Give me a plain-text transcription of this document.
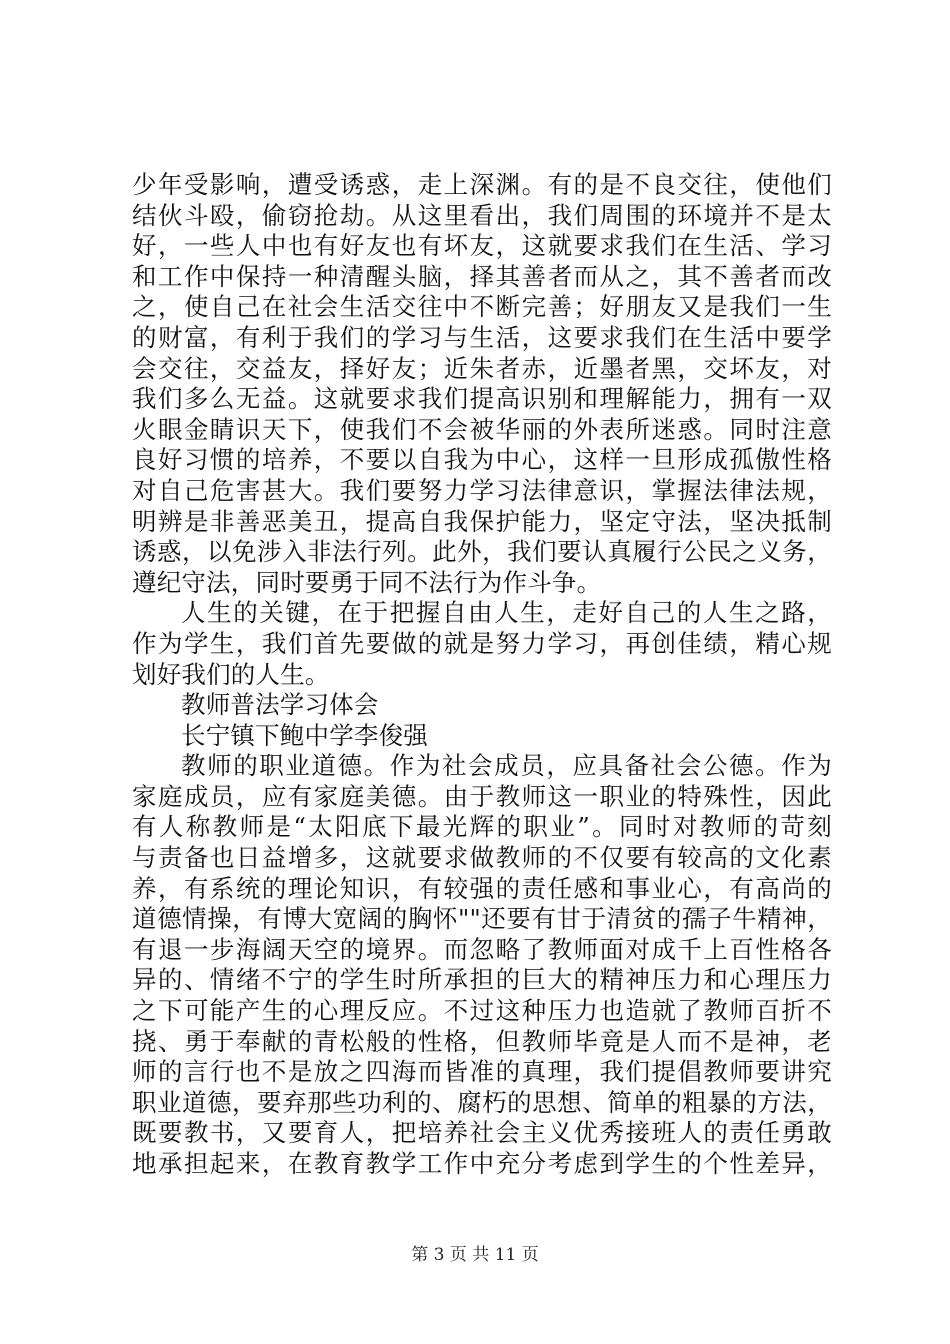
少年受影响，遭受诱惑，走上深渊。有的是不良交往，使他们
结伙斗殴，偷窃抢劫。从这里看出，我们周围的环境并不是太
好，一些人中也有好友也有坏友，这就要求我们在生活、学习
和工作中保持一种清醒头脑，择其善者而从之，其不善者而改
之，使自己在社会生活交往中不断完善；好朋友又是我们一生
的财富，有利于我们的学习与生活，这要求我们在生活中要学
会交往，交益友，择好友；近朱者赤，近墨者黑，交坏友，对
我们多么无益。这就要求我们提高识别和理解能力，拥有一双
火眼金睛识天下，使我们不会被华丽的外表所迷惑。同时注意
良好习惯的培养，不要以自我为中心，这样一旦形成孤傲性格
对自己危害甚大。我们要努力学习法律意识，掌握法律法规，
明辨是非善恶美丑，提高自我保护能力，坚定守法，坚决抵制
诱惑，以免涉入非法行列。此外，我们要认真履行公民之义务，
遵纪守法，同时要勇于同不法行为作斗争。
人生的关键，在于把握自由人生，走好自己的人生之路，
作为学生，我们首先要做的就是努力学习，再创佳绩，精心规
划好我们的人生。
教师普法学习体会
长宁镇下鲍中学李俊强
教师的职业道德。作为社会成员，应具备社会公德。作为
家庭成员，应有家庭美德。由于教师这一职业的特殊性，因此
有人称教师是“太阳底下最光辉的职业”。同时对教师的苛刻
与责备也日益增多，这就要求做教师的不仅要有较高的文化素
养，有系统的理论知识，有较强的责任感和事业心，有高尚的
道德情操，有博大宽阔的胸怀""还要有甘于清贫的孺子牛精神，
有退一步海阔天空的境界。而忽略了教师面对成千上百性格各
异的、情绪不宁的学生时所承担的巨大的精神压力和心理压力
之下可能产生的心理反应。不过这种压力也造就了教师百折不
挠、勇于奉献的青松般的性格，但教师毕竟是人而不是神，老
师的言行也不是放之四海而皆准的真理，我们提倡教师要讲究
职业道德，要弃那些功利的、腐朽的思想、简单的粗暴的方法，
既要教书，又要育人，把培养社会主义优秀接班人的责任勇敢
地承担起来，在教育教学工作中充分考虑到学生的个性差异，
第 3 页 共 11 页
